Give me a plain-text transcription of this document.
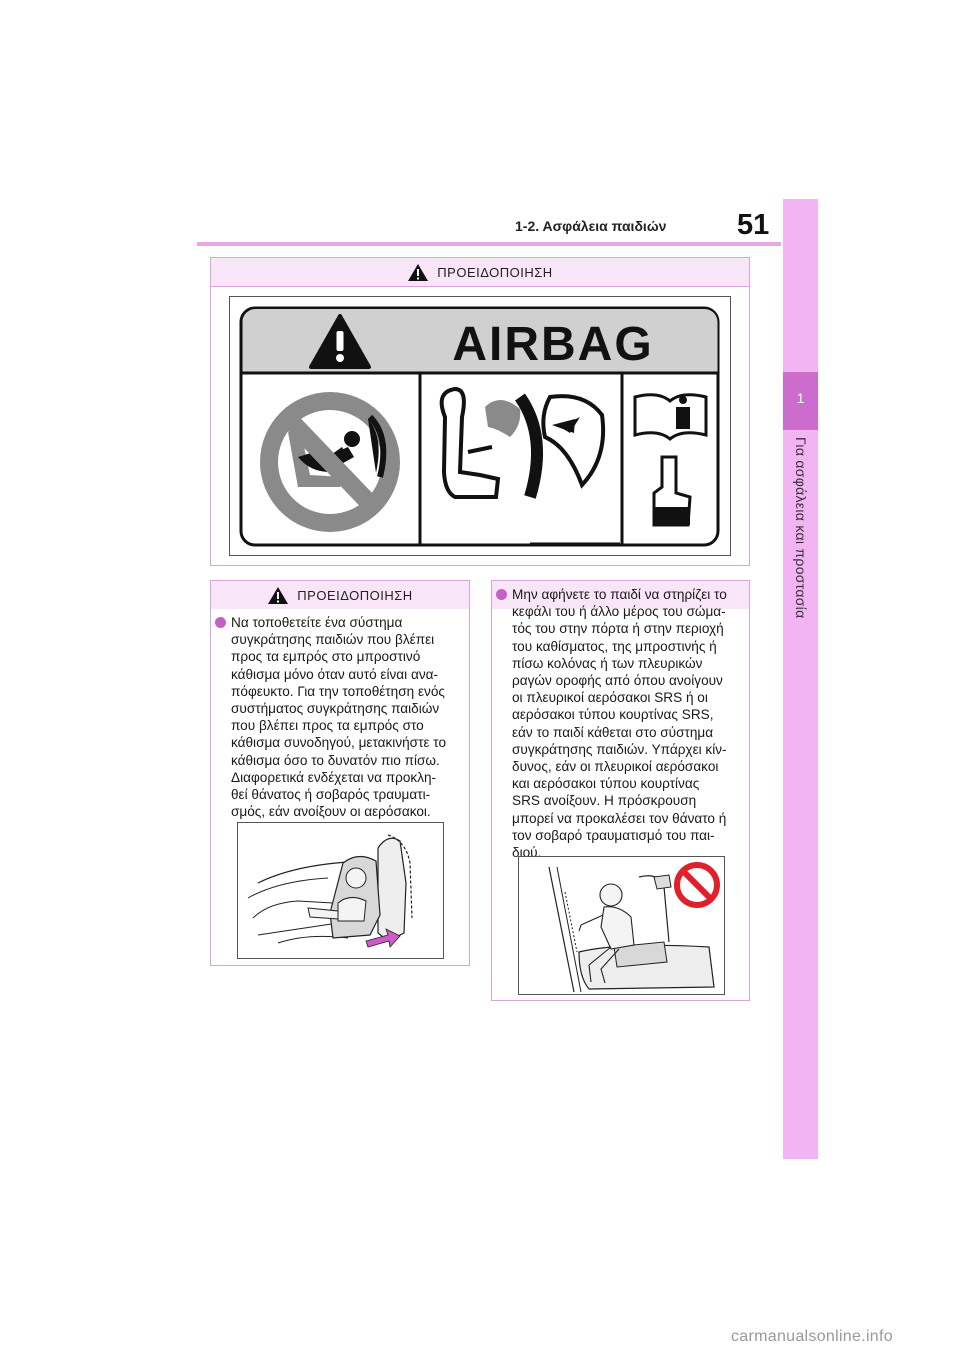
1-2. Ασφάλεια παιδιών 51
1
Για ασφάλεια και προστασία
ΠΡΟΕΙΔΟΠΟΙΗΣΗ
AIRBAG
ΠΡΟΕΙΔΟΠΟΙΗΣΗ
Να τοποθετείτε ένα σύστημα
συγκράτησης παιδιών που βλέπει
προς τα εμπρός στο μπροστινό
κάθισμα μόνο όταν αυτό είναι ανα-
πόφευκτο. Για την τοποθέτηση ενός
συστήματος συγκράτησης παιδιών
που βλέπει προς τα εμπρός στο
κάθισμα συνοδηγού, μετακινήστε το
κάθισμα όσο το δυνατόν πιο πίσω.
Διαφορετικά ενδέχεται να προκλη-
θεί θάνατος ή σοβαρός τραυματι-
σμός, εάν ανοίξουν οι αερόσακοι.
Μην αφήνετε το παιδί να στηρίζει το
κεφάλι του ή άλλο μέρος του σώμα-
τός του στην πόρτα ή στην περιοχή
του καθίσματος, της μπροστινής ή
πίσω κολόνας ή των πλευρικών
ραγών οροφής από όπου ανοίγουν
οι πλευρικοί αερόσακοι SRS ή οι
αερόσακοι τύπου κουρτίνας SRS,
εάν το παιδί κάθεται στο σύστημα
συγκράτησης παιδιών. Υπάρχει κίν-
δυνος, εάν οι πλευρικοί αερόσακοι
και αερόσακοι τύπου κουρτίνας
SRS ανοίξουν. Η πρόσκρουση
μπορεί να προκαλέσει τον θάνατο ή
τον σοβαρό τραυματισμό του παι-
διού.
carmanualsonline.info
